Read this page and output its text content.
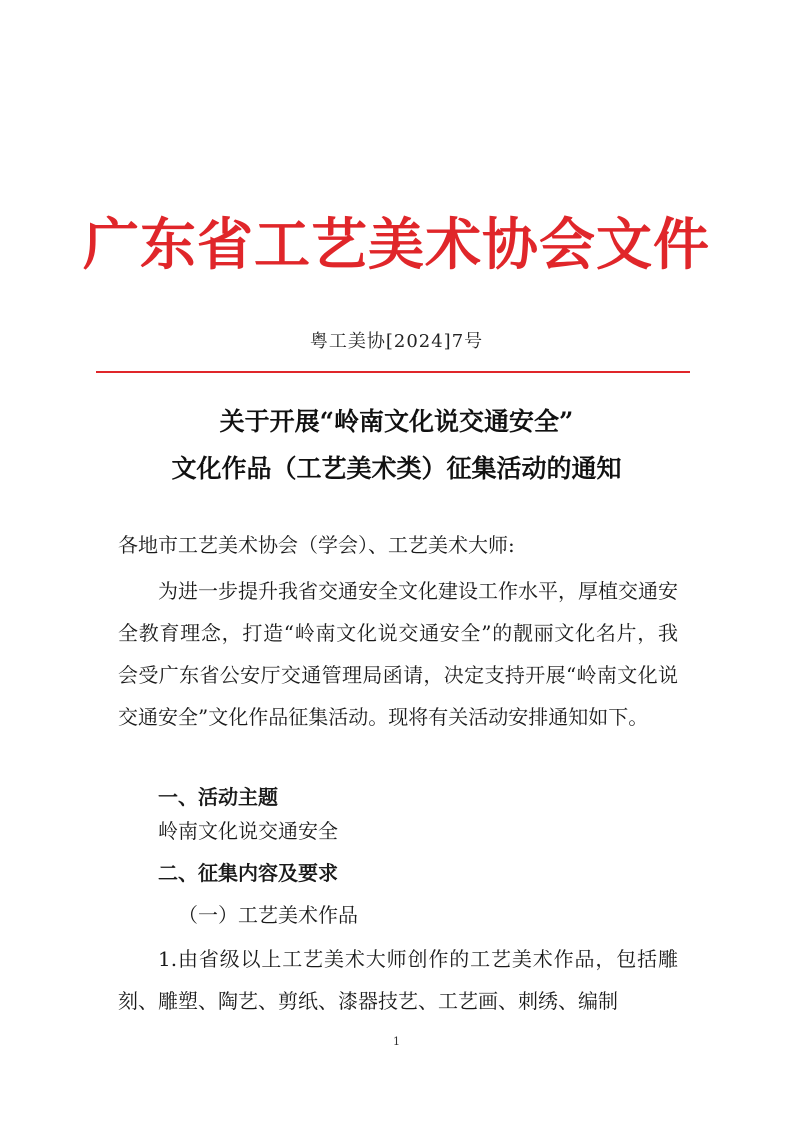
广东省工艺美术协会文件
粤工美协[2024]7号
关于开展“岭南文化说交通安全”
文化作品（工艺美术类）征集活动的通知
各地市工艺美术协会（学会）、工艺美术大师:
为进一步提升我省交通安全文化建设工作水平，厚植交通安全教育理念，打造“岭南文化说交通安全”的靓丽文化名片，我会受广东省公安厅交通管理局函请，决定支持开展“岭南文化说交通安全”文化作品征集活动。现将有关活动安排通知如下。
一、活动主题
岭南文化说交通安全
二、征集内容及要求
（一）工艺美术作品
1.由省级以上工艺美术大师创作的工艺美术作品，包括雕刻、雕塑、陶艺、剪纸、漆器技艺、工艺画、刺绣、编制
1
